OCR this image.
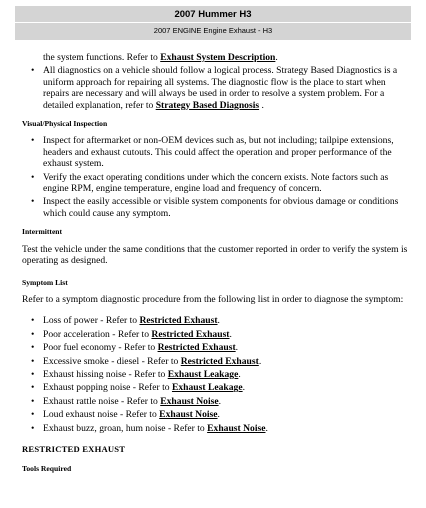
2007 Hummer H3
2007 ENGINE Engine Exhaust - H3
the system functions. Refer to Exhaust System Description.
• All diagnostics on a vehicle should follow a logical process. Strategy Based Diagnostics is a uniform approach for repairing all systems. The diagnostic flow is the place to start when repairs are necessary and will always be used in order to resolve a system problem. For a detailed explanation, refer to Strategy Based Diagnosis .
Visual/Physical Inspection
• Inspect for aftermarket or non-OEM devices such as, but not including; tailpipe extensions, headers and exhaust cutouts. This could affect the operation and proper performance of the exhaust system.
• Verify the exact operating conditions under which the concern exists. Note factors such as engine RPM, engine temperature, engine load and frequency of concern.
• Inspect the easily accessible or visible system components for obvious damage or conditions which could cause any symptom.
Intermittent

Test the vehicle under the same conditions that the customer reported in order to verify the system is operating as designed.

Symptom List

Refer to a symptom diagnostic procedure from the following list in order to diagnose the symptom:

• Loss of power - Refer to Restricted Exhaust.
• Poor acceleration - Refer to Restricted Exhaust.
• Poor fuel economy - Refer to Restricted Exhaust.
• Excessive smoke - diesel - Refer to Restricted Exhaust.
• Exhaust hissing noise - Refer to Exhaust Leakage.
• Exhaust popping noise - Refer to Exhaust Leakage.
• Exhaust rattle noise - Refer to Exhaust Noise.
• Loud exhaust noise - Refer to Exhaust Noise.
• Exhaust buzz, groan, hum noise - Refer to Exhaust Noise.
RESTRICTED EXHAUST
Tools Required
